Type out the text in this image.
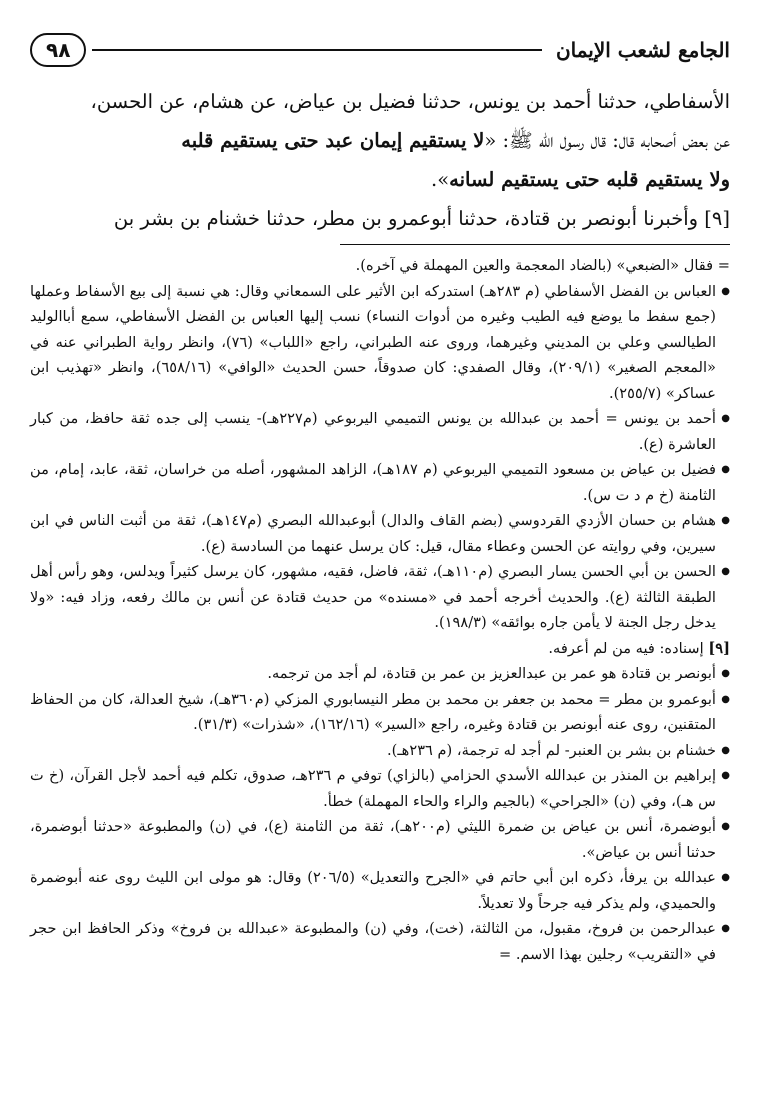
الجامع لشعب الإيمان
٩٨

الأسفاطي، حدثنا أحمد بن يونس، حدثنا فضيل بن عياض، عن هشام، عن الحسن،

عن بعض أصحابه قال: قال رسول الله ﷺ: «لا يستقيم إيمان عبد حتى يستقيم قلبه

ولا يستقيم قلبه حتى يستقيم لسانه».

[٩] وأخبرنا أبونصر بن قتادة، حدثنا أبوعمرو بن مطر، حدثنا خشنام بن بشر بن

= فقال «الضبعي» (بالضاد المعجمة والعين المهملة في آخره).

● العباس بن الفضل الأسفاطي (م ٢٨٣هـ) استدركه ابن الأثير على السمعاني وقال: هي نسبة إلى بيع الأسفاط وعملها (جمع سفط ما يوضع فيه الطيب وغيره من أدوات النساء) نسب إليها العباس بن الفضل الأسفاطي، سمع أباالوليد الطيالسي وعلي بن المديني وغيرهما، وروى عنه الطبراني، راجع «اللباب» (٧٦)، وانظر رواية الطبراني عنه في «المعجم الصغير» (٢٠٩/١)، وقال الصفدي: كان صدوقاً، حسن الحديث «الوافي» (٦٥٨/١٦)، وانظر «تهذيب ابن عساكر» (٢٥٥/٧).

● أحمد بن يونس = أحمد بن عبدالله بن يونس التميمي اليربوعي (م٢٢٧هـ)- ينسب إلى جده ثقة حافظ، من كبار العاشرة (ع).

● فضيل بن عياض بن مسعود التميمي اليربوعي (م ١٨٧هـ)، الزاهد المشهور، أصله من خراسان، ثقة، عابد، إمام، من الثامنة (خ م د ت س).

● هشام بن حسان الأزدي القردوسي (بضم القاف والدال) أبوعبدالله البصري (م١٤٧هـ)، ثقة من أثبت الناس في ابن سيرين، وفي روايته عن الحسن وعطاء مقال، قيل: كان يرسل عنهما من السادسة (ع).

● الحسن بن أبي الحسن يسار البصري (م١١٠هـ)، ثقة، فاضل، فقيه، مشهور، كان يرسل كثيراً ويدلس، وهو رأس أهل الطبقة الثالثة (ع). والحديث أخرجه أحمد في «مسنده» من حديث قتادة عن أنس بن مالك رفعه، وزاد فيه: «ولا يدخل رجل الجنة لا يأمن جاره بوائقه» (١٩٨/٣).

[٩] إسناده: فيه من لم أعرفه.

● أبونصر بن قتادة هو عمر بن عبدالعزيز بن عمر بن قتادة، لم أجد من ترجمه.

● أبوعمرو بن مطر = محمد بن جعفر بن محمد بن مطر النيسابوري المزكي (م٣٦٠هـ)، شيخ العدالة، كان من الحفاظ المتقنين، روى عنه أبونصر بن قتادة وغيره، راجع «السير» (١٦٢/١٦)، «شذرات» (٣١/٣).

● خشنام بن بشر بن العنبر- لم أجد له ترجمة، (م ٢٣٦هـ).

● إبراهيم بن المنذر بن عبدالله الأسدي الحزامي (بالزاي) توفي م ٢٣٦هـ، صدوق، تكلم فيه أحمد لأجل القرآن، (خ ت س هـ)، وفي (ن) «الجراحي» (بالجيم والراء والحاء المهملة) خطأ.

● أبوضمرة، أنس بن عياض بن ضمرة الليثي (م٢٠٠هـ)، ثقة من الثامنة (ع)، في (ن) والمطبوعة «حدثنا أبوضمرة، حدثنا أنس بن عياض».

● عبدالله بن يرفأ، ذكره ابن أبي حاتم في «الجرح والتعديل» (٢٠٦/٥) وقال: هو مولى ابن الليث روى عنه أبوضمرة والحميدي، ولم يذكر فيه جرحاً ولا تعديلاً.

● عبدالرحمن بن فروخ، مقبول، من الثالثة، (خت)، وفي (ن) والمطبوعة «عبدالله بن فروخ» وذكر الحافظ ابن حجر في «التقريب» رجلين بهذا الاسم. =
